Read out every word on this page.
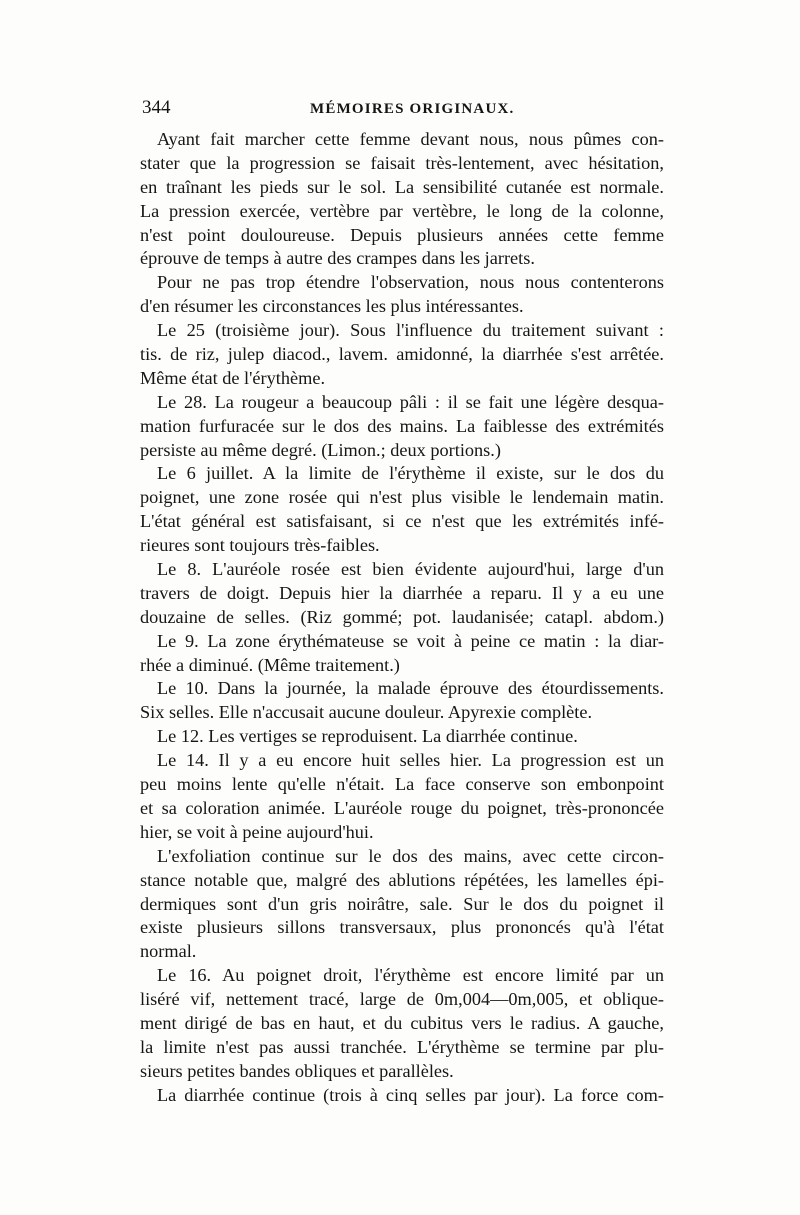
344	MÉMOIRES ORIGINAUX.
Ayant fait marcher cette femme devant nous, nous pûmes con-
stater que la progression se faisait très-lentement, avec hésitation,
en traînant les pieds sur le sol. La sensibilité cutanée est normale.
La pression exercée, vertèbre par vertèbre, le long de la colonne,
n'est point douloureuse. Depuis plusieurs années cette femme
éprouve de temps à autre des crampes dans les jarrets.
Pour ne pas trop étendre l'observation, nous nous contenterons
d'en résumer les circonstances les plus intéressantes.
Le 25 (troisième jour). Sous l'influence du traitement suivant :
tis. de riz, julep diacod., lavem. amidonné, la diarrhée s'est arrêtée.
Même état de l'érythème.
Le 28. La rougeur a beaucoup pâli : il se fait une légère desqua-
mation furfuracée sur le dos des mains. La faiblesse des extrémités
persiste au même degré. (Limon.; deux portions.)
Le 6 juillet. A la limite de l'érythème il existe, sur le dos du
poignet, une zone rosée qui n'est plus visible le lendemain matin.
L'état général est satisfaisant, si ce n'est que les extrémités infé-
rieures sont toujours très-faibles.
Le 8. L'auréole rosée est bien évidente aujourd'hui, large d'un
travers de doigt. Depuis hier la diarrhée a reparu. Il y a eu une
douzaine de selles. (Riz gommé; pot. laudanisée; catapl. abdom.)
Le 9. La zone érythémateuse se voit à peine ce matin : la diar-
rhée a diminué. (Même traitement.)
Le 10. Dans la journée, la malade éprouve des étourdissements.
Six selles. Elle n'accusait aucune douleur. Apyrexie complète.
Le 12. Les vertiges se reproduisent. La diarrhée continue.
Le 14. Il y a eu encore huit selles hier. La progression est un
peu moins lente qu'elle n'était. La face conserve son embonpoint
et sa coloration animée. L'auréole rouge du poignet, très-prononcée
hier, se voit à peine aujourd'hui.
L'exfoliation continue sur le dos des mains, avec cette circon-
stance notable que, malgré des ablutions répétées, les lamelles épi-
dermiques sont d'un gris noirâtre, sale. Sur le dos du poignet il
existe plusieurs sillons transversaux, plus prononcés qu'à l'état
normal.
Le 16. Au poignet droit, l'érythème est encore limité par un
liséré vif, nettement tracé, large de 0m,004—0m,005, et oblique-
ment dirigé de bas en haut, et du cubitus vers le radius. A gauche,
la limite n'est pas aussi tranchée. L'érythème se termine par plu-
sieurs petites bandes obliques et parallèles.
La diarrhée continue (trois à cinq selles par jour). La force com-
